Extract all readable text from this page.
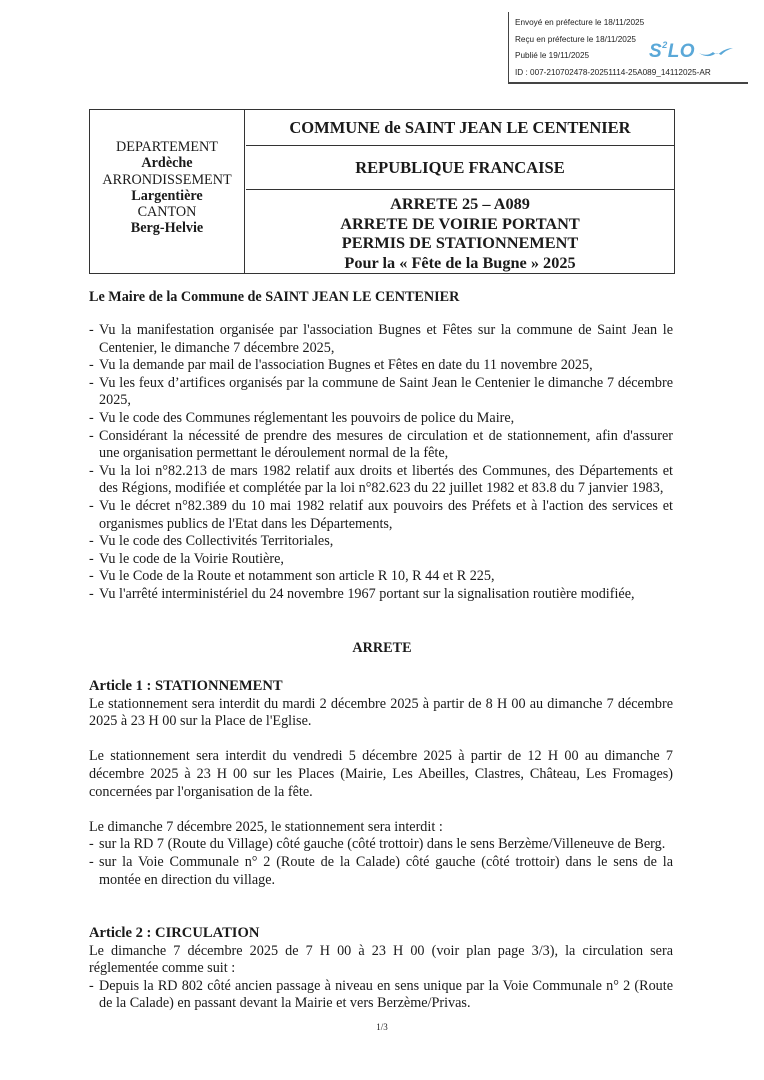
Envoyé en préfecture le 18/11/2025
Reçu en préfecture le 18/11/2025
Publié le 19/11/2025
ID : 007-210702478-20251114-25A089_14112025-AR
$S^2LO$
DEPARTEMENT
Ardèche
ARRONDISSEMENT
Largentière
CANTON
Berg-Helvie
COMMUNE de SAINT JEAN LE CENTENIER
REPUBLIQUE FRANCAISE
ARRETE 25 – A089
ARRETE DE VOIRIE PORTANT
PERMIS DE STATIONNEMENT
Pour la « Fête de la Bugne » 2025
Le Maire de la Commune de SAINT JEAN LE CENTENIER
- Vu la manifestation organisée par l'association Bugnes et Fêtes sur la commune de Saint Jean le Centenier, le dimanche 7 décembre 2025,
- Vu la demande par mail de l'association Bugnes et Fêtes en date du 11 novembre 2025,
- Vu les feux d’artifices organisés par la commune de Saint Jean le Centenier le dimanche 7 décembre 2025,
- Vu le code des Communes réglementant les pouvoirs de police du Maire,
- Considérant la nécessité de prendre des mesures de circulation et de stationnement, afin d'assurer une organisation permettant le déroulement normal de la fête,
- Vu la loi n°82.213 de mars 1982 relatif aux droits et libertés des Communes, des Départements et des Régions, modifiée et complétée par la loi n°82.623 du 22 juillet 1982 et 83.8 du 7 janvier 1983,
- Vu le décret n°82.389 du 10 mai 1982 relatif aux pouvoirs des Préfets et à l'action des services et organismes publics de l'Etat dans les Départements,
- Vu le code des Collectivités Territoriales,
- Vu le code de la Voirie Routière,
- Vu le Code de la Route et notamment son article R 10, R 44 et R 225,
- Vu l'arrêté interministériel du 24 novembre 1967 portant sur la signalisation routière modifiée,
ARRETE
Article 1 : STATIONNEMENT

Le stationnement sera interdit du mardi 2 décembre 2025 à partir de 8 H 00 au dimanche 7 décembre 2025 à 23 H 00 sur la Place de l'Eglise.

Le stationnement sera interdit du vendredi 5 décembre 2025 à partir de 12 H 00 au dimanche 7 décembre 2025 à 23 H 00 sur les Places (Mairie, Les Abeilles, Clastres, Château, Les Fromages) concernées par l'organisation de la fête.

Le dimanche 7 décembre 2025, le stationnement sera interdit :

- sur la RD 7 (Route du Village) côté gauche (côté trottoir) dans le sens Berzème/Villeneuve de Berg.
- sur la Voie Communale n° 2 (Route de la Calade) côté gauche (côté trottoir) dans le sens de la montée en direction du village.
Article 2 : CIRCULATION

Le dimanche 7 décembre 2025 de 7 H 00 à 23 H 00 (voir plan page 3/3), la circulation sera réglementée comme suit :

- Depuis la RD 802 côté ancien passage à niveau en sens unique par la Voie Communale n° 2 (Route de la Calade) en passant devant la Mairie et vers Berzème/Privas.
1/3
